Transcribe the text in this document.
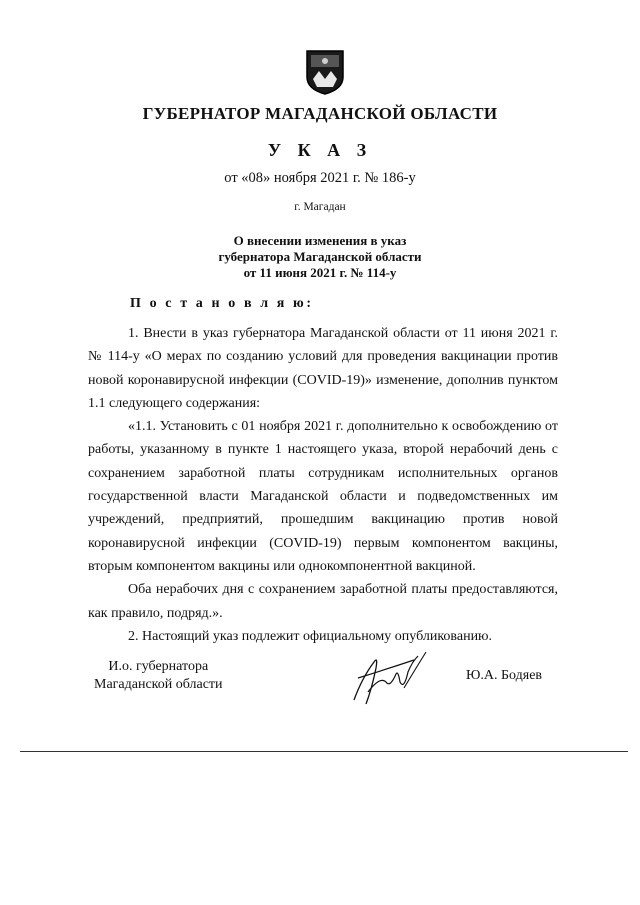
ГУБЕРНАТОР МАГАДАНСКОЙ ОБЛАСТИ
У К А З
от «08» ноября 2021 г. № 186-у
г. Магадан
О внесении изменения в указ
губернатора Магаданской области
от 11 июня 2021 г. № 114-у
П о с т а н о в л я ю:

1. Внести в указ губернатора Магаданской области от 11 июня 2021 г. № 114-у «О мерах по созданию условий для проведения вакцинации против новой коронавирусной инфекции (COVID-19)» изменение, дополнив пунктом 1.1 следующего содержания:

«1.1. Установить с 01 ноября 2021 г. дополнительно к освобождению от работы, указанному в пункте 1 настоящего указа, второй нерабочий день с сохранением заработной платы сотрудникам исполнительных органов государственной власти Магаданской области и подведомственных им учреждений, предприятий, прошедшим вакцинацию против новой коронавирусной инфекции (COVID-19) первым компонентом вакцины, вторым компонентом вакцины или однокомпонентной вакциной.

Оба нерабочих дня с сохранением заработной платы предоставляются, как правило, подряд.».

2. Настоящий указ подлежит официальному опубликованию.

И.о. губернатора
Магаданской области
Ю.А. Бодяев
